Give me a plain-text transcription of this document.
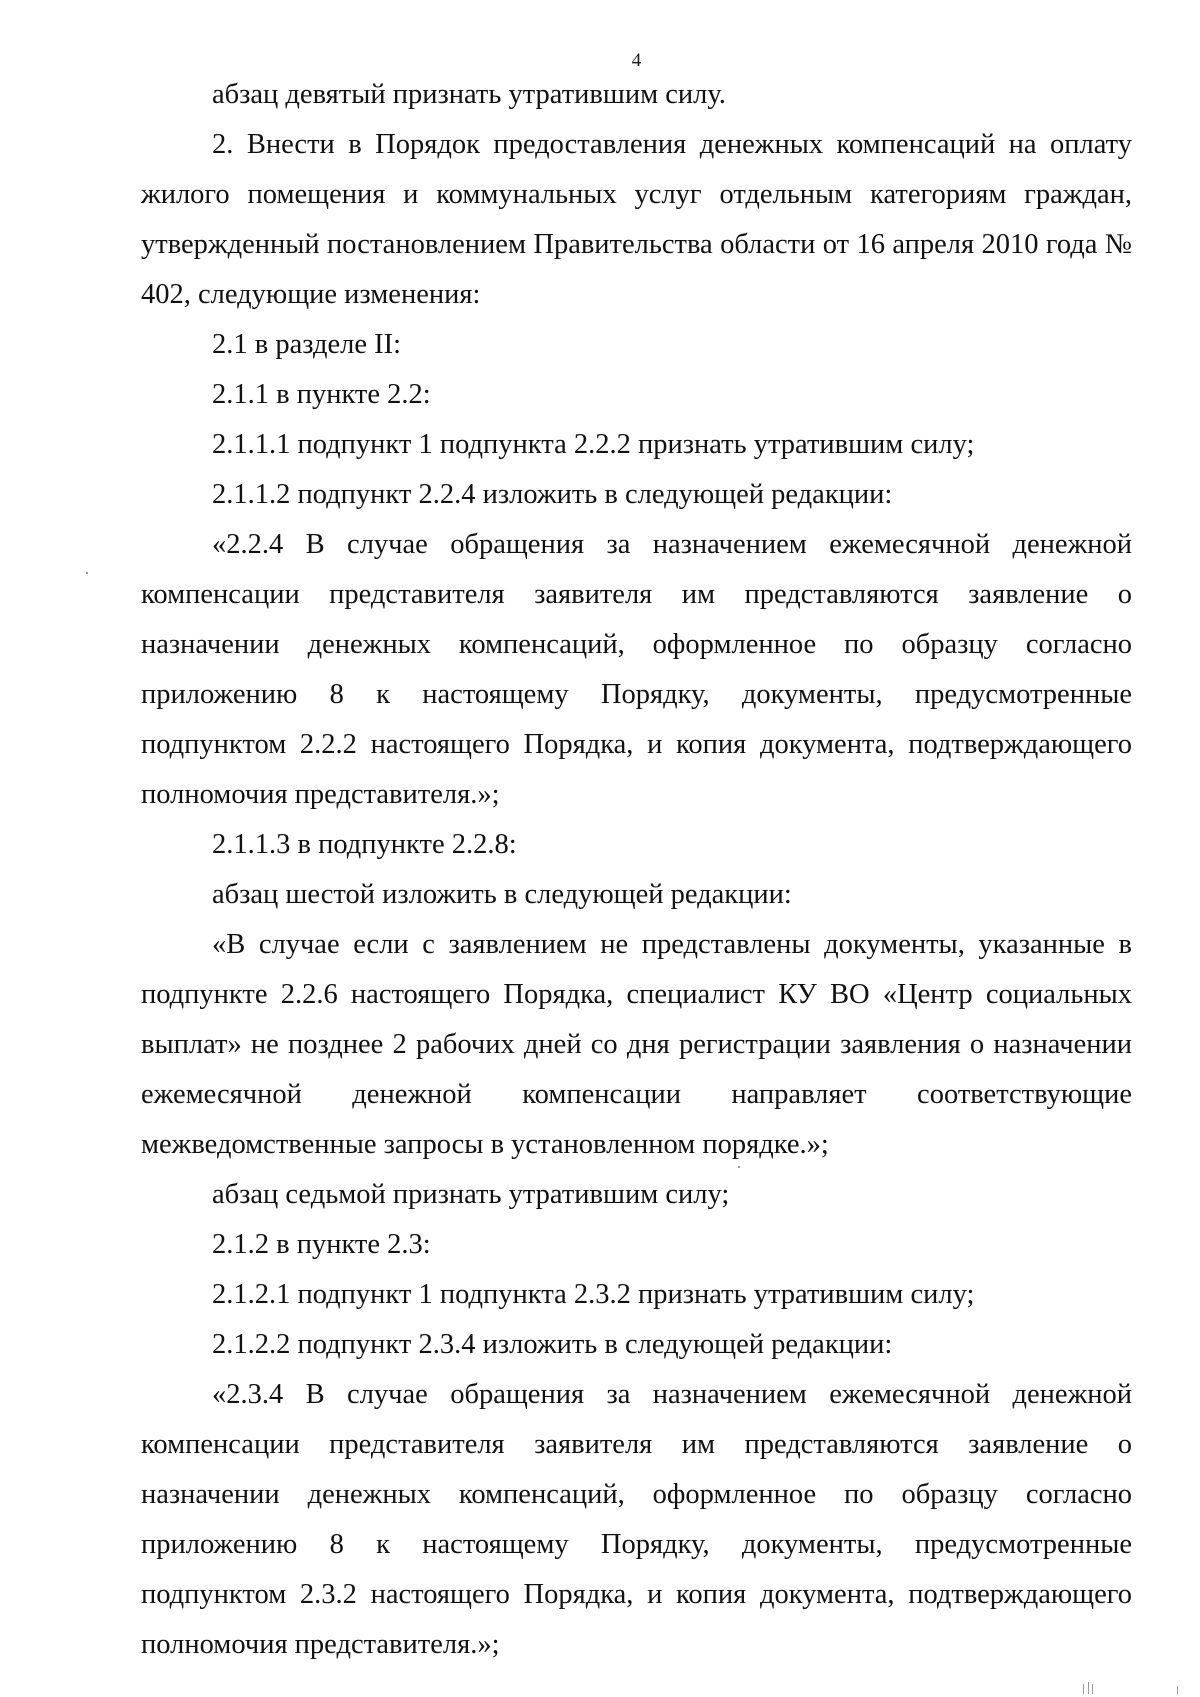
4

абзац девятый признать утратившим силу.

2. Внести в Порядок предоставления денежных компенсаций на оплату жилого помещения и коммунальных услуг отдельным категориям граждан, утвержденный постановлением Правительства области от 16 апреля 2010 года № 402, следующие изменения:

2.1 в разделе II:

2.1.1 в пункте 2.2:

2.1.1.1 подпункт 1 подпункта 2.2.2 признать утратившим силу;

2.1.1.2 подпункт 2.2.4 изложить в следующей редакции:

«2.2.4 В случае обращения за назначением ежемесячной денежной компенсации представителя заявителя им представляются заявление о назначении денежных компенсаций, оформленное по образцу согласно приложению 8 к настоящему Порядку, документы, предусмотренные подпунктом 2.2.2 настоящего Порядка, и копия документа, подтверждающего полномочия представителя.»;

2.1.1.3 в подпункте 2.2.8:

абзац шестой изложить в следующей редакции:

«В случае если с заявлением не представлены документы, указанные в подпункте 2.2.6 настоящего Порядка, специалист КУ ВО «Центр социальных выплат» не позднее 2 рабочих дней со дня регистрации заявления о назначении ежемесячной денежной компенсации направляет соответствующие межведомственные запросы в установленном порядке.»;

абзац седьмой признать утратившим силу;

2.1.2 в пункте 2.3:

2.1.2.1 подпункт 1 подпункта 2.3.2 признать утратившим силу;

2.1.2.2 подпункт 2.3.4 изложить в следующей редакции:

«2.3.4 В случае обращения за назначением ежемесячной денежной компенсации представителя заявителя им представляются заявление о назначении денежных компенсаций, оформленное по образцу согласно приложению 8 к настоящему Порядку, документы, предусмотренные подпунктом 2.3.2 настоящего Порядка, и копия документа, подтверждающего полномочия представителя.»;
